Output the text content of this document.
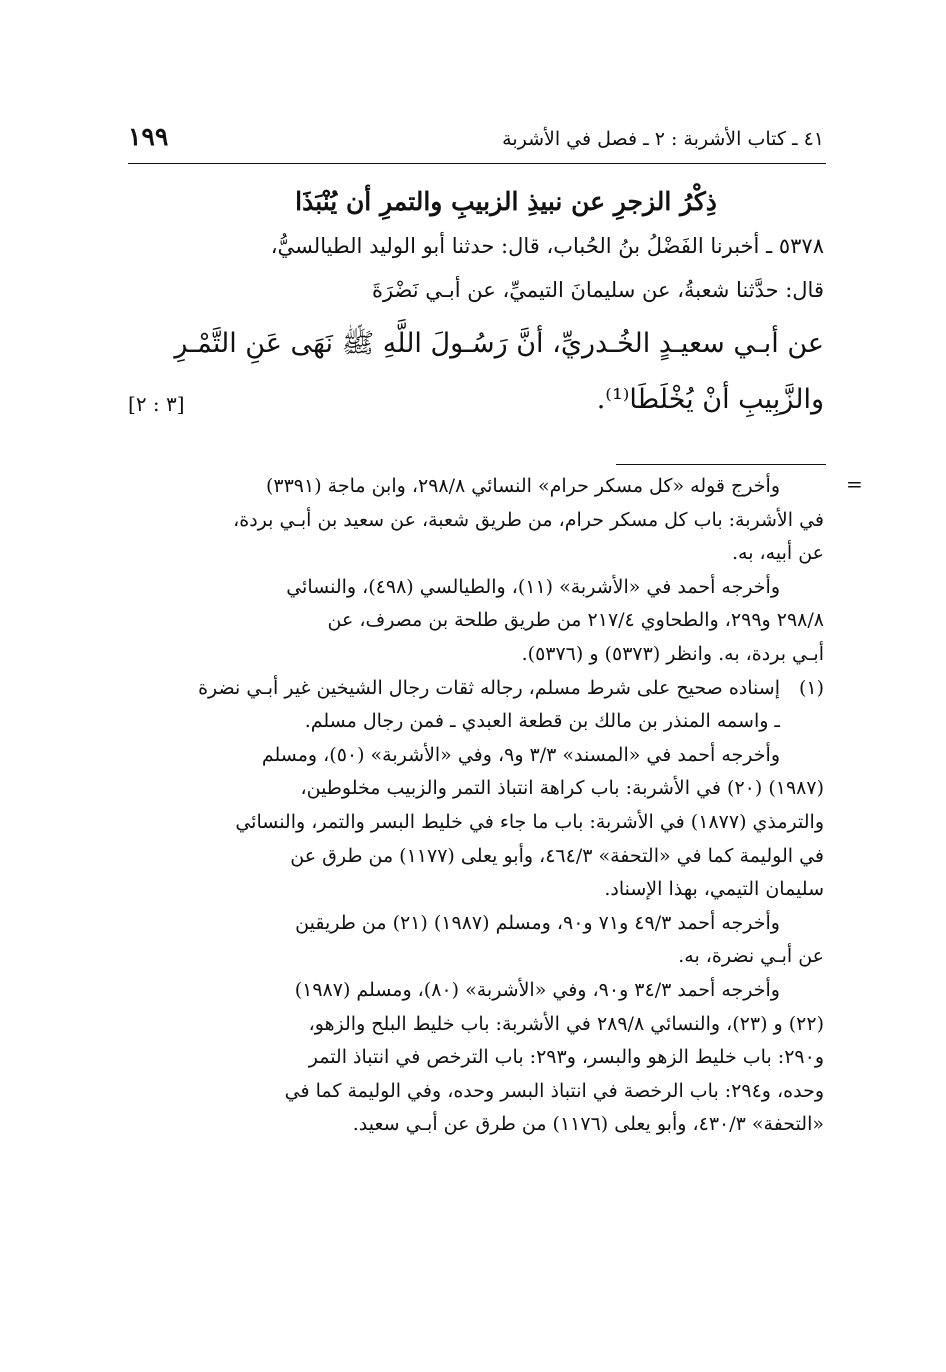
٤١ ـ كتاب الأشربة : ٢ ـ فصل في الأشربة
١٩٩
ذِكْرُ الزجرِ عن نبيذِ الزبيبِ والتمرِ أن يُنْبَذَا
٥٣٧٨ ـ أخبرنا الفَضْلُ بنُ الحُباب، قال: حدثنا أبو الوليد الطيالسيُّ،
قال: حدَّثنا شعبةُ، عن سليمانَ التيميِّ، عن أبـي نَضْرَةَ
عن أبـي سعيـدٍ الخُـدريِّ، أنَّ رَسُـولَ اللَّهِ ﷺ نَهَى عَنِ التَّمْـرِ
والزَّبِيبِ أنْ يُخْلَطَا⁽¹⁾.
[٣ : ٢]
=

وأخرج قوله «كل مسكر حرام» النسائي ٢٩٨/٨، وابن ماجة (٣٣٩١)
في الأشربة: باب كل مسكر حرام، من طريق شعبة، عن سعيد بن أبـي بردة،
عن أبيه، به.

وأخرجه أحمد في «الأشربة» (١١)، والطيالسي (٤٩٨)، والنسائي
٢٩٨/٨ و٢٩٩، والطحاوي ٢١٧/٤ من طريق طلحة بن مصرف، عن
أبـي بردة، به. وانظر (٥٣٧٣) و (٥٣٧٦).

(١)
إسناده صحيح على شرط مسلم، رجاله ثقات رجال الشيخين غير أبـي نضرة
ـ واسمه المنذر بن مالك بن قطعة العبدي ـ فمن رجال مسلم.

وأخرجه أحمد في «المسند» ٣/٣ و٩، وفي «الأشربة» (٥٠)، ومسلم
(١٩٨٧) (٢٠) في الأشربة: باب كراهة انتباذ التمر والزبيب مخلوطين،
والترمذي (١٨٧٧) في الأشربة: باب ما جاء في خليط البسر والتمر، والنسائي
في الوليمة كما في «التحفة» ٤٦٤/٣، وأبو يعلى (١١٧٧) من طرق عن
سليمان التيمي، بهذا الإسناد.

وأخرجه أحمد ٤٩/٣ و٧١ و٩٠، ومسلم (١٩٨٧) (٢١) من طريقين
عن أبـي نضرة، به.

وأخرجه أحمد ٣٤/٣ و٩٠، وفي «الأشربة» (٨٠)، ومسلم (١٩٨٧)
(٢٢) و (٢٣)، والنسائي ٢٨٩/٨ في الأشربة: باب خليط البلح والزهو،
و٢٩٠: باب خليط الزهو والبسر، و٢٩٣: باب الترخص في انتباذ التمر
وحده، و٢٩٤: باب الرخصة في انتباذ البسر وحده، وفي الوليمة كما في
«التحفة» ٤٣٠/٣، وأبو يعلى (١١٧٦) من طرق عن أبـي سعيد.
